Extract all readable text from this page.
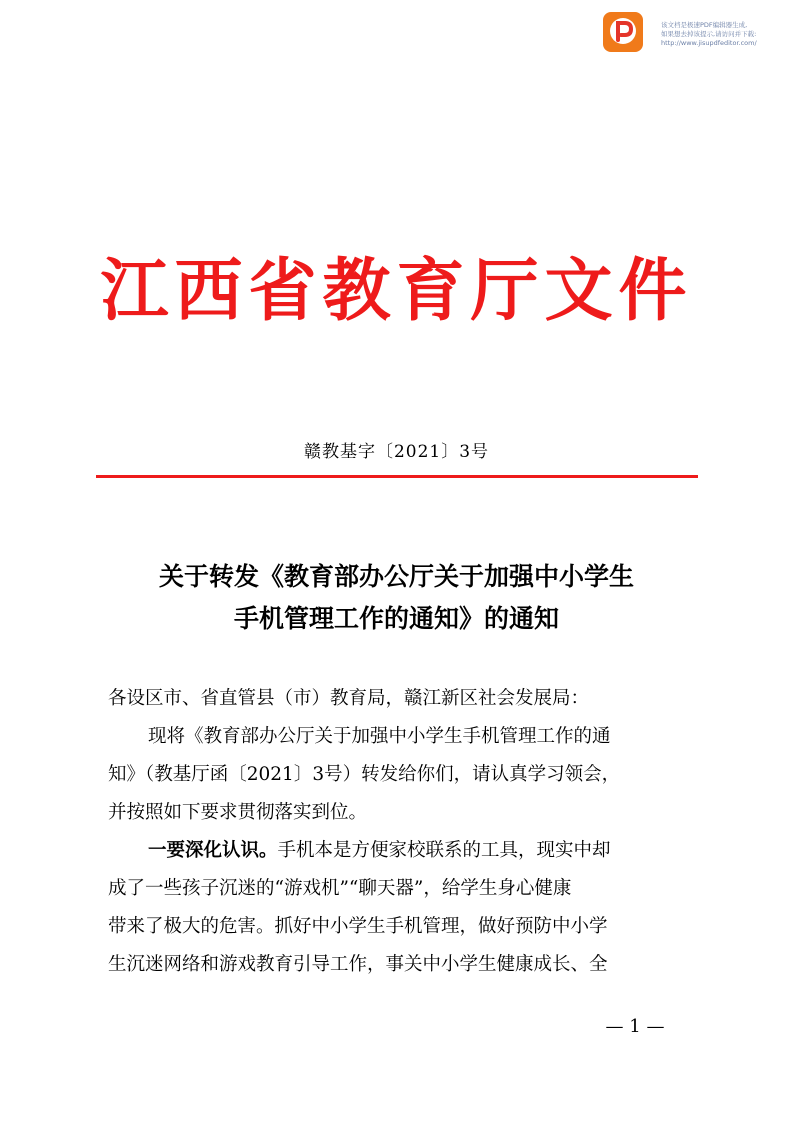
该文档是极速PDF编辑器生成,
如果想去掉该提示,请访问并下载:
http://www.jisupdfeditor.com/
江西省教育厅文件
赣教基字〔2021〕3号
关于转发《教育部办公厅关于加强中小学生
手机管理工作的通知》的通知
各设区市、省直管县（市）教育局，赣江新区社会发展局：
现将《教育部办公厅关于加强中小学生手机管理工作的通
知》（教基厅函〔2021〕3号）转发给你们，请认真学习领会，
并按照如下要求贯彻落实到位。
一要深化认识。手机本是方便家校联系的工具，现实中却
成了一些孩子沉迷的“游戏机”“聊天器”，给学生身心健康
带来了极大的危害。抓好中小学生手机管理，做好预防中小学
生沉迷网络和游戏教育引导工作，事关中小学生健康成长、全
— 1 —
